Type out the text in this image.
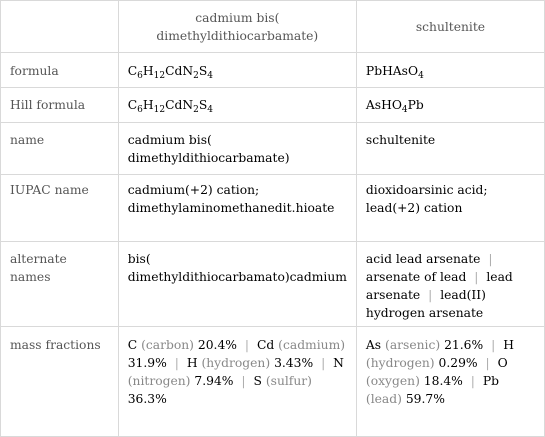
	cadmium bis(​dimethyldithiocarbamate)	schultenite
formula	$C_6H_{12}CdN_2S_4$	PbHAsO$_4$
Hill formula	$C_6H_{12}CdN_2S_4$	AsHO$_4$Pb
name	cadmium bis(​dimethyldithiocarbamate)	schultenite
IUPAC name	cadmium(+2) cation; dimethylaminomethanedit․hioate	dioxidoarsinic acid; lead(+2) cation
alternate names	bis(​dimethyldithiocarbamato)cadmium	acid lead arsenate | arsenate of lead | lead arsenate | lead(II) hydrogen arsenate
mass fractions	C (carbon) 20.4% | Cd (cadmium) 31.9% | H (hydrogen) 3.43% | N (nitrogen) 7.94% | S (sulfur) 36.3%	As (arsenic) 21.6% | H (hydrogen) 0.29% | O (oxygen) 18.4% | Pb (lead) 59.7%
